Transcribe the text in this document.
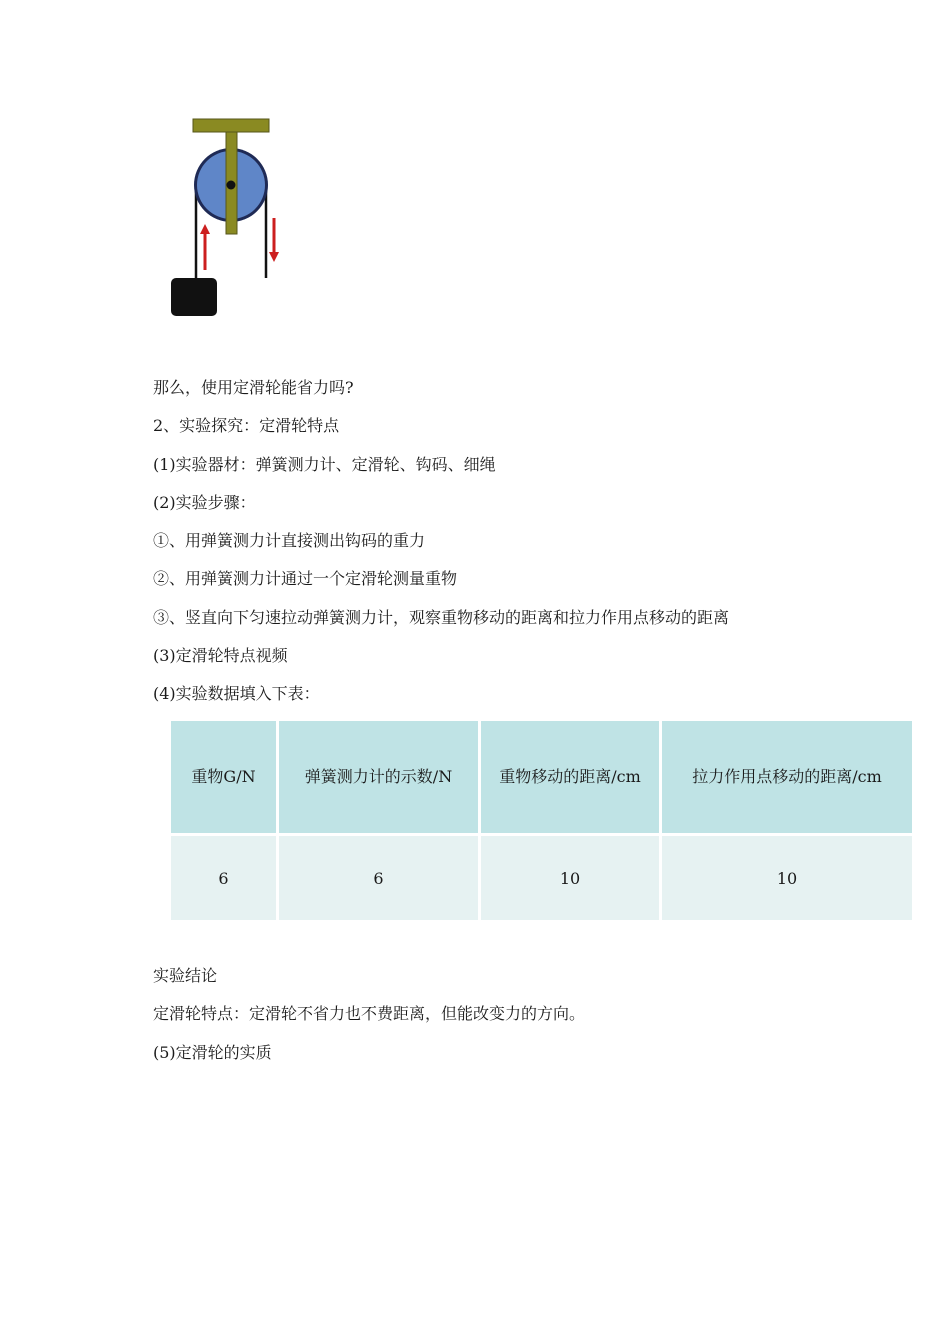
那么，使用定滑轮能省力吗?
2、实验探究：定滑轮特点
(1)实验器材：弹簧测力计、定滑轮、钩码、细绳
(2)实验步骤：
①、用弹簧测力计直接测出钩码的重力
②、用弹簧测力计通过一个定滑轮测量重物
③、竖直向下匀速拉动弹簧测力计，观察重物移动的距离和拉力作用点移动的距离
(3)定滑轮特点视频
(4)实验数据填入下表：
重物G/N	弹簧测力计的示数/N	重物移动的距离/cm	拉力作用点移动的距离/cm
6	6	10	10
实验结论
定滑轮特点：定滑轮不省力也不费距离，但能改变力的方向。
(5)定滑轮的实质
